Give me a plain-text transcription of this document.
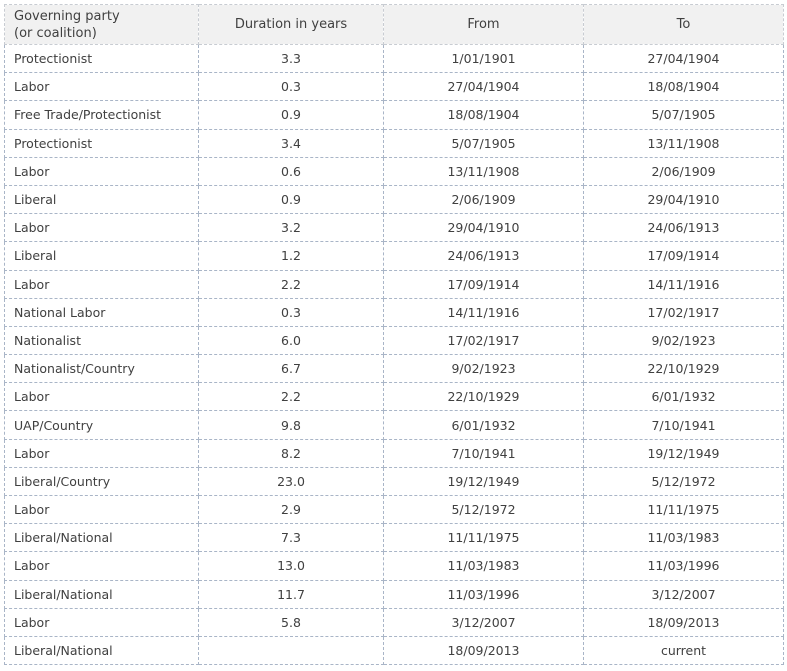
Governing party
(or coalition)	Duration in years	From	To
Protectionist	3.3	1/01/1901	27/04/1904
Labor	0.3	27/04/1904	18/08/1904
Free Trade/Protectionist	0.9	18/08/1904	5/07/1905
Protectionist	3.4	5/07/1905	13/11/1908
Labor	0.6	13/11/1908	2/06/1909
Liberal	0.9	2/06/1909	29/04/1910
Labor	3.2	29/04/1910	24/06/1913
Liberal	1.2	24/06/1913	17/09/1914
Labor	2.2	17/09/1914	14/11/1916
National Labor	0.3	14/11/1916	17/02/1917
Nationalist	6.0	17/02/1917	9/02/1923
Nationalist/Country	6.7	9/02/1923	22/10/1929
Labor	2.2	22/10/1929	6/01/1932
UAP/Country	9.8	6/01/1932	7/10/1941
Labor	8.2	7/10/1941	19/12/1949
Liberal/Country	23.0	19/12/1949	5/12/1972
Labor	2.9	5/12/1972	11/11/1975
Liberal/National	7.3	11/11/1975	11/03/1983
Labor	13.0	11/03/1983	11/03/1996
Liberal/National	11.7	11/03/1996	3/12/2007
Labor	5.8	3/12/2007	18/09/2013
Liberal/National		18/09/2013	current
